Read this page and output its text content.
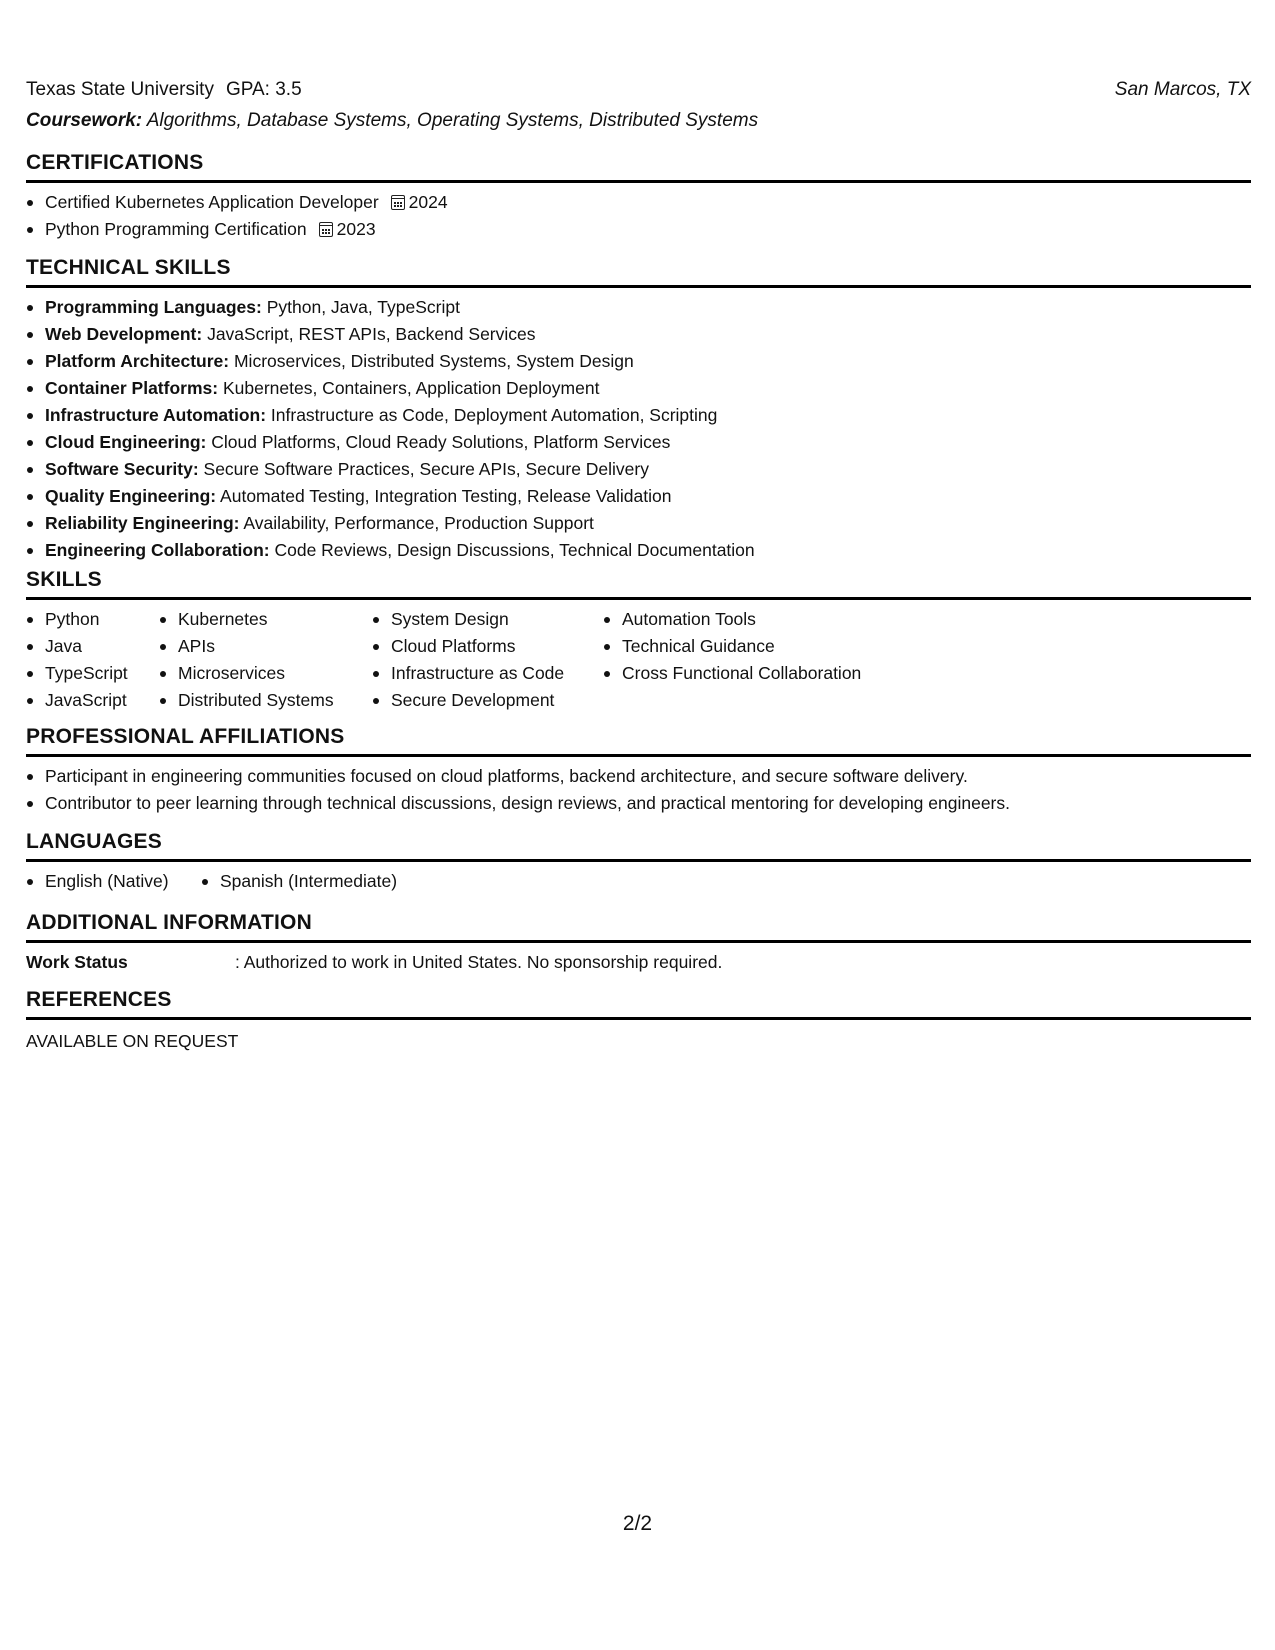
Texas State University GPA: 3.5	San Marcos, TX
Coursework: Algorithms, Database Systems, Operating Systems, Distributed Systems
CERTIFICATIONS
Certified Kubernetes Application Developer 2024
Python Programming Certification 2023
TECHNICAL SKILLS
Programming Languages: Python, Java, TypeScript
Web Development: JavaScript, REST APIs, Backend Services
Platform Architecture: Microservices, Distributed Systems, System Design
Container Platforms: Kubernetes, Containers, Application Deployment
Infrastructure Automation: Infrastructure as Code, Deployment Automation, Scripting
Cloud Engineering: Cloud Platforms, Cloud Ready Solutions, Platform Services
Software Security: Secure Software Practices, Secure APIs, Secure Delivery
Quality Engineering: Automated Testing, Integration Testing, Release Validation
Reliability Engineering: Availability, Performance, Production Support
Engineering Collaboration: Code Reviews, Design Discussions, Technical Documentation
SKILLS
Python
Java
TypeScript
JavaScript
Kubernetes
APIs
Microservices
Distributed Systems
System Design
Cloud Platforms
Infrastructure as Code
Secure Development
Automation Tools
Technical Guidance
Cross Functional Collaboration
PROFESSIONAL AFFILIATIONS
Participant in engineering communities focused on cloud platforms, backend architecture, and secure software delivery.
Contributor to peer learning through technical discussions, design reviews, and practical mentoring for developing engineers.
LANGUAGES
English (Native)	Spanish (Intermediate)
ADDITIONAL INFORMATION
Work Status	: Authorized to work in United States. No sponsorship required.
REFERENCES
AVAILABLE ON REQUEST
2/2
